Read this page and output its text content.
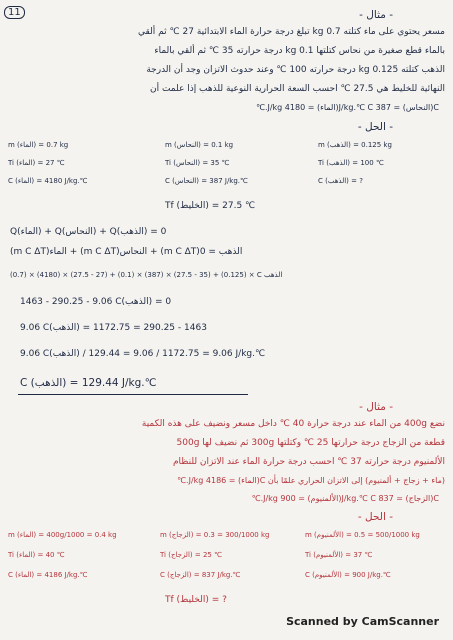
11	- مثال -
مسعر يحتوي على ماء كتلته 0.7 kg تبلغ درجة حرارة الماء الابتدائية 27 ℃ ثم ألقي
بالماء قطع صغيرة من نحاس كتلتها 0.1 kg درجة حرارته 35 ℃ ثم ألقي بالماء
الذهب كتلته 0.125 kg درجة حرارته 100 ℃ وعند حدوث الاتزان وجد أن الدرجة
النهائية للخليط هي 27.5 ℃ احسب السعة الحرارية النوعية للذهب إذا علمت أن
C(النحاس) = 387 J/kg.℃ C(الماء) = 4180 J/kg.℃
- الحل -
m (الماء) = 0.7 kg
Ti (الماء) = 27 ℃
C (الماء) = 4180 J/kg.℃
m (النحاس) = 0.1 kg
Ti (النحاس) = 35 ℃
C (النحاس) = 387 J/kg.℃
m (الذهب) = 0.125 kg
Ti (الذهب) = 100 ℃
C (الذهب) = ?
Tf (الخليط) = 27.5 ℃
Q(الماء) + Q(النحاس) + Q(الذهب) = 0
(m C ΔT)الماء + (m C ΔT)النحاس + (m C ΔT)الذهب = 0
(0.7) × (4180) × (27.5 - 27) + (0.1) × (387) × (27.5 - 35) + (0.125) × C الذهب
1463 - 290.25 - 9.06 C(الذهب) = 0
9.06 C(الذهب) = 1463 - 290.25 = 1172.75
9.06 C(الذهب) / 9.06 = 1172.75 / 9.06 = 129.44 J/kg.℃
C (الذهب) = 129.44 J/kg.℃
- مثال -
نضع 400g من الماء عند درجة حرارة 40 ℃ داخل مسعر ونضيف على هذه الكمية
قطعة من الزجاج درجة حرارتها 25 ℃ وكتلتها 300g ثم نضيف لها 500g
الألمنيوم درجة حرارته 37 ℃ احسب درجة حرارة الماء عند الاتزان للنظام
(ماء + زجاج + ألمنيوم) إلى الاتزان الحراري علمًا بأن C(الماء) = 4186 J/kg.℃
C(الزجاج) = 837 J/kg.℃ C(الألمنيوم) = 900 J/kg.℃
- الحل -
m (الماء) = 400g/1000 = 0.4 kg
Ti (الماء) = 40 ℃
C (الماء) = 4186 J/kg.℃
m (الزجاج) = 300/1000 = 0.3 kg
Ti (الزجاج) = 25 ℃
C (الزجاج) = 837 J/kg.℃
m (الألمنيوم) = 500/1000 = 0.5 kg
Ti (الألمنيوم) = 37 ℃
C (الألمنيوم) = 900 J/kg.℃
Tf (الخليط) = ?
Scanned by CamScanner
